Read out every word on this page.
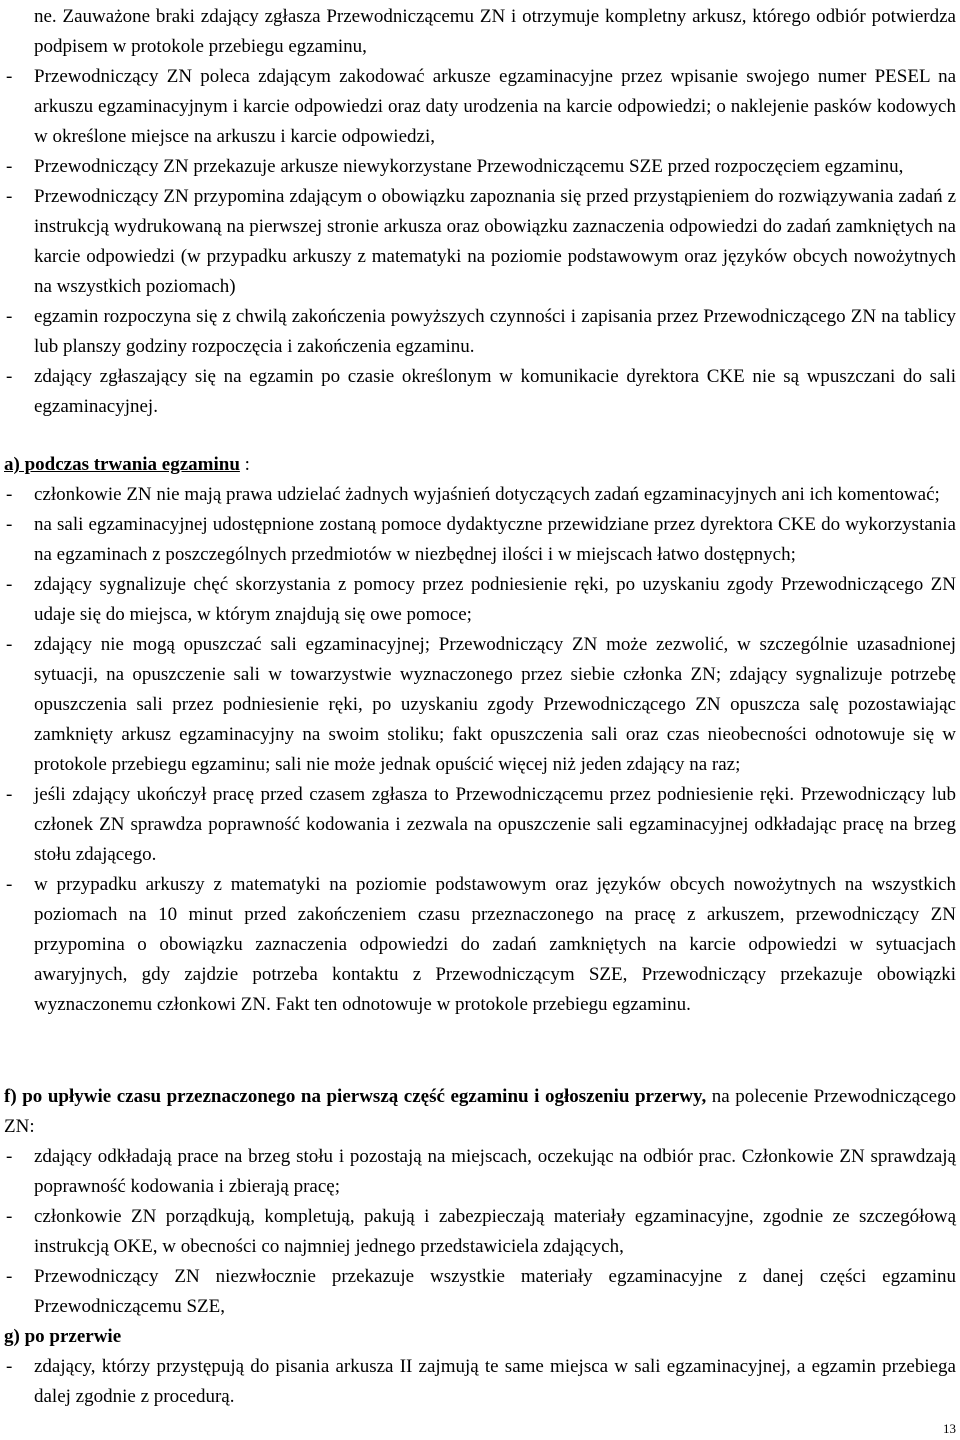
ne. Zauważone braki zdający zgłasza Przewodniczącemu ZN i otrzymuje kompletny arkusz, którego odbiór potwierdza podpisem w protokole przebiegu egzaminu,

- Przewodniczący ZN poleca zdającym zakodować arkusze egzaminacyjne przez wpisanie swojego numer PESEL na arkuszu egzaminacyjnym i karcie odpowiedzi oraz daty urodzenia na karcie odpowiedzi; o naklejenie pasków kodowych w określone miejsce na arkuszu i karcie odpowiedzi,

- Przewodniczący ZN przekazuje arkusze niewykorzystane Przewodniczącemu SZE przed rozpoczęciem egzaminu,

- Przewodniczący ZN przypomina zdającym o obowiązku zapoznania się przed przystąpieniem do rozwiązywania zadań z instrukcją wydrukowaną na pierwszej stronie arkusza oraz obowiązku zaznaczenia odpowiedzi do zadań zamkniętych na karcie odpowiedzi (w przypadku arkuszy z matematyki na poziomie podstawowym oraz języków obcych nowożytnych na wszystkich poziomach)

- egzamin rozpoczyna się z chwilą zakończenia powyższych czynności i zapisania przez Przewodniczącego ZN na tablicy lub planszy godziny rozpoczęcia i zakończenia egzaminu.

- zdający zgłaszający się na egzamin po czasie określonym w komunikacie dyrektora CKE nie są wpuszczani do sali egzaminacyjnej.

a) podczas trwania egzaminu :

- członkowie ZN nie mają prawa udzielać żadnych wyjaśnień dotyczących zadań egzaminacyjnych ani ich komentować;

- na sali egzaminacyjnej udostępnione zostaną pomoce dydaktyczne przewidziane przez dyrektora CKE do wykorzystania na egzaminach z poszczególnych przedmiotów w niezbędnej ilości i w miejscach łatwo dostępnych;

- zdający sygnalizuje chęć skorzystania z pomocy przez podniesienie ręki, po uzyskaniu zgody Przewodniczącego ZN udaje się do miejsca, w którym znajdują się owe pomoce;

- zdający nie mogą opuszczać sali egzaminacyjnej; Przewodniczący ZN może zezwolić, w szczególnie uzasadnionej sytuacji, na opuszczenie sali w towarzystwie wyznaczonego przez siebie członka ZN; zdający sygnalizuje potrzebę opuszczenia sali przez podniesienie ręki, po uzyskaniu zgody Przewodniczącego ZN opuszcza salę pozostawiając zamknięty arkusz egzaminacyjny na swoim stoliku; fakt opuszczenia sali oraz czas nieobecności odnotowuje się w protokole przebiegu egzaminu; sali nie może jednak opuścić więcej niż jeden zdający na raz;

- jeśli zdający ukończył pracę przed czasem zgłasza to Przewodniczącemu przez podniesienie ręki. Przewodniczący lub członek ZN sprawdza poprawność kodowania i zezwala na opuszczenie sali egzaminacyjnej odkładając pracę na brzeg stołu zdającego.

- w przypadku arkuszy z matematyki na poziomie podstawowym oraz języków obcych nowożytnych na wszystkich poziomach na 10 minut przed zakończeniem czasu przeznaczonego na pracę z arkuszem, przewodniczący ZN przypomina o obowiązku zaznaczenia odpowiedzi do zadań zamkniętych na karcie odpowiedzi w sytuacjach awaryjnych, gdy zajdzie potrzeba kontaktu z Przewodniczącym SZE, Przewodniczący przekazuje obowiązki wyznaczonemu członkowi ZN. Fakt ten odnotowuje w protokole przebiegu egzaminu.

f) po upływie czasu przeznaczonego na pierwszą część egzaminu i ogłoszeniu przerwy, na polecenie Przewodniczącego ZN:

- zdający odkładają prace na brzeg stołu i pozostają na miejscach, oczekując na odbiór prac. Członkowie ZN sprawdzają poprawność kodowania i zbierają pracę;

- członkowie ZN porządkują, kompletują, pakują i zabezpieczają materiały egzaminacyjne, zgodnie ze szczegółową instrukcją OKE, w obecności co najmniej jednego przedstawiciela zdających,

- Przewodniczący ZN niezwłocznie przekazuje wszystkie materiały egzaminacyjne z danej części egzaminu Przewodniczącemu SZE,

g) po przerwie

- zdający, którzy przystępują do pisania arkusza II zajmują te same miejsca w sali egzaminacyjnej, a egzamin przebiega dalej zgodnie z procedurą.

13
